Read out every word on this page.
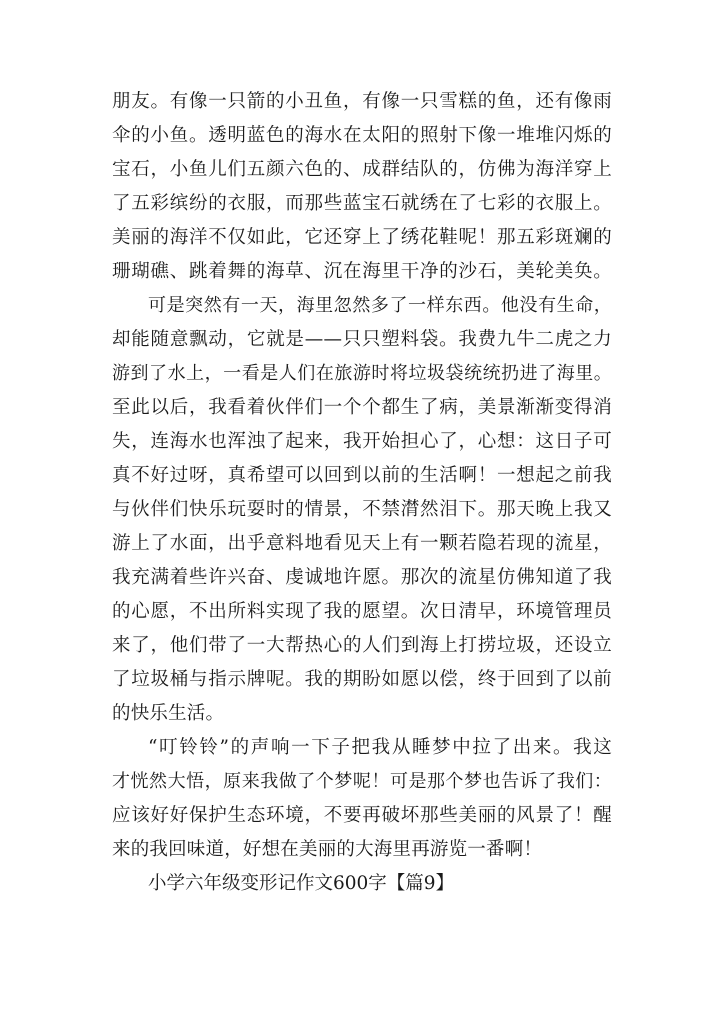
朋友。有像一只箭的小丑鱼，有像一只雪糕的鱼，还有像雨
伞的小鱼。透明蓝色的海水在太阳的照射下像一堆堆闪烁的
宝石，小鱼儿们五颜六色的、成群结队的，仿佛为海洋穿上
了五彩缤纷的衣服，而那些蓝宝石就绣在了七彩的衣服上。
美丽的海洋不仅如此，它还穿上了绣花鞋呢！那五彩斑斓的
珊瑚礁、跳着舞的海草、沉在海里干净的沙石，美轮美奂。
可是突然有一天，海里忽然多了一样东西。他没有生命，
却能随意飘动，它就是——只只塑料袋。我费九牛二虎之力
游到了水上，一看是人们在旅游时将垃圾袋统统扔进了海里。
至此以后，我看着伙伴们一个个都生了病，美景渐渐变得消
失，连海水也浑浊了起来，我开始担心了，心想：这日子可
真不好过呀，真希望可以回到以前的生活啊！一想起之前我
与伙伴们快乐玩耍时的情景，不禁潸然泪下。那天晚上我又
游上了水面，出乎意料地看见天上有一颗若隐若现的流星，
我充满着些许兴奋、虔诚地许愿。那次的流星仿佛知道了我
的心愿，不出所料实现了我的愿望。次日清早，环境管理员
来了，他们带了一大帮热心的人们到海上打捞垃圾，还设立
了垃圾桶与指示牌呢。我的期盼如愿以偿，终于回到了以前
的快乐生活。
“叮铃铃”的声响一下子把我从睡梦中拉了出来。我这
才恍然大悟，原来我做了个梦呢！可是那个梦也告诉了我们：
应该好好保护生态环境，不要再破坏那些美丽的风景了！醒
来的我回味道，好想在美丽的大海里再游览一番啊！
小学六年级变形记作文600字【篇9】
